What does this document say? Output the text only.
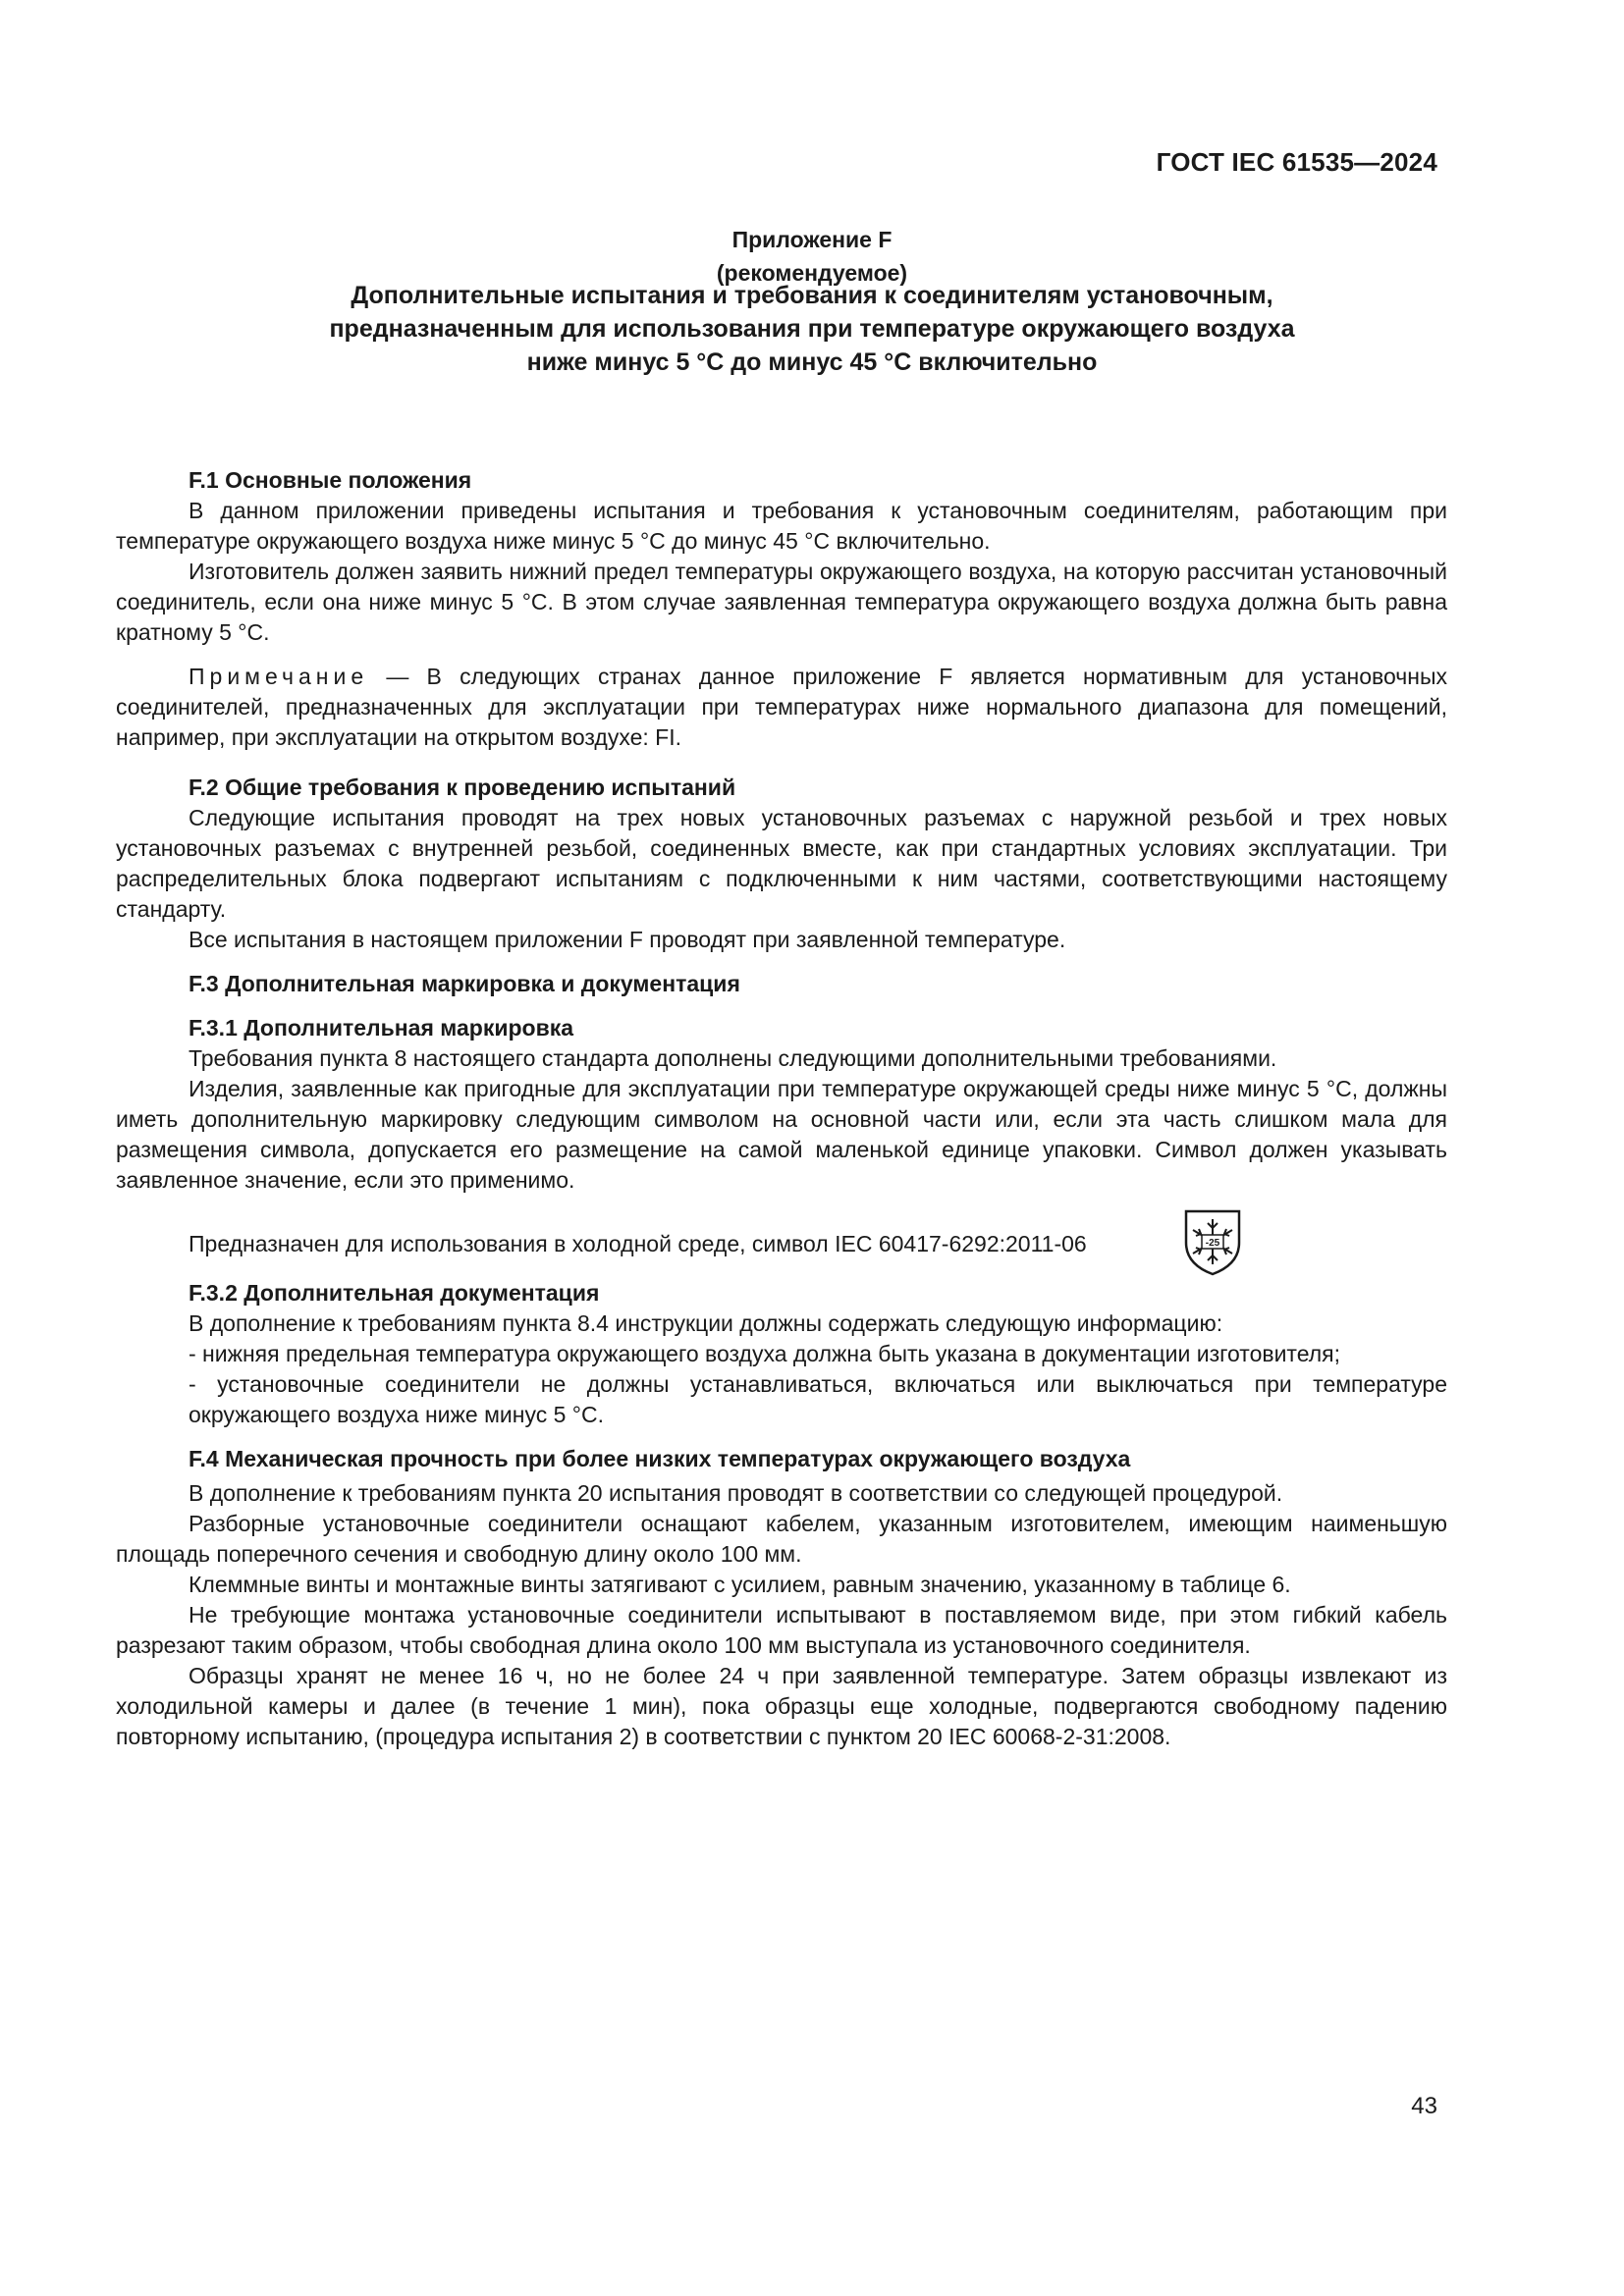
ГОСТ IEC 61535—2024
Приложение F
(рекомендуемое)
Дополнительные испытания и требования к соединителям установочным,
предназначенным для использования при температуре окружающего воздуха
ниже минус 5 °С до минус 45 °С включительно
F.1 Основные положения

В данном приложении приведены испытания и требования к установочным соединителям, работающим при температуре окружающего воздуха ниже минус 5 °С до минус 45 °С включительно.

Изготовитель должен заявить нижний предел температуры окружающего воздуха, на которую рассчитан установочный соединитель, если она ниже минус 5 °С. В этом случае заявленная температура окружающего воздуха должна быть равна кратному 5 °С.

Примечание — В следующих странах данное приложение F является нормативным для установочных соединителей, предназначенных для эксплуатации при температурах ниже нормального диапазона для помещений, например, при эксплуатации на открытом воздухе: FI.

F.2 Общие требования к проведению испытаний

Следующие испытания проводят на трех новых установочных разъемах с наружной резьбой и трех новых установочных разъемах с внутренней резьбой, соединенных вместе, как при стандартных условиях эксплуатации. Три распределительных блока подвергают испытаниям с подключенными к ним частями, соответствующими настоящему стандарту.

Все испытания в настоящем приложении F проводят при заявленной температуре.

F.3 Дополнительная маркировка и документация
F.3.1 Дополнительная маркировка

Требования пункта 8 настоящего стандарта дополнены следующими дополнительными требованиями.

Изделия, заявленные как пригодные для эксплуатации при температуре окружающей среды ниже минус 5 °С, должны иметь дополнительную маркировку следующим символом на основной части или, если эта часть слишком мала для размещения символа, допускается его размещение на самой маленькой единице упаковки. Символ должен указывать заявленное значение, если это применимо.

Предназначен для использования в холодной среде, символ IEC 60417-6292:2011-06	-25
F.3.2 Дополнительная документация

В дополнение к требованиям пункта 8.4 инструкции должны содержать следующую информацию:

- нижняя предельная температура окружающего воздуха должна быть указана в документации изготовителя;

- установочные соединители не должны устанавливаться, включаться или выключаться при температуре окружающего воздуха ниже минус 5 °С.

F.4 Механическая прочность при более низких температурах окружающего воздуха

В дополнение к требованиям пункта 20 испытания проводят в соответствии со следующей процедурой.

Разборные установочные соединители оснащают кабелем, указанным изготовителем, имеющим наименьшую площадь поперечного сечения и свободную длину около 100 мм.

Клеммные винты и монтажные винты затягивают с усилием, равным значению, указанному в таблице 6.

Не требующие монтажа установочные соединители испытывают в поставляемом виде, при этом гибкий кабель разрезают таким образом, чтобы свободная длина около 100 мм выступала из установочного соединителя.

Образцы хранят не менее 16 ч, но не более 24 ч при заявленной температуре. Затем образцы извлекают из холодильной камеры и далее (в течение 1 мин), пока образцы еще холодные, подвергаются свободному падению повторному испытанию, (процедура испытания 2) в соответствии с пунктом 20 IEC 60068-2-31:2008.

43
